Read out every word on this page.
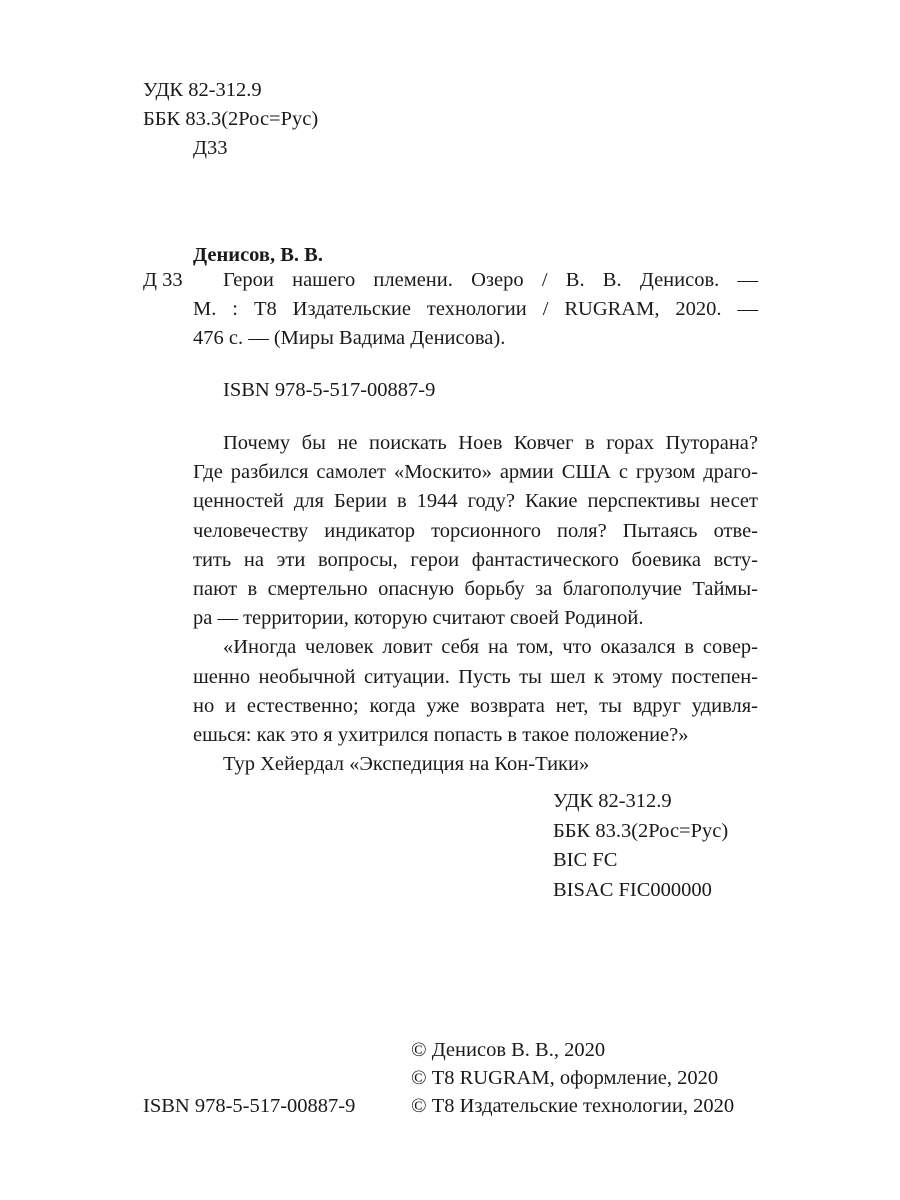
УДК 82-312.9
ББК 83.3(2Рос=Рус)
Д33
Денисов, В. В.
Д 33	Герои нашего племени. Озеро / В. В. Денисов. —
М. : Т8 Издательские технологии / RUGRAM, 2020. —
476 с. — (Миры Вадима Денисова).
ISBN 978-5-517-00887-9
Почему бы не поискать Ноев Ковчег в горах Путорана?
Где разбился самолет «Москито» армии США с грузом драго-
ценностей для Берии в 1944 году? Какие перспективы несет
человечеству индикатор торсионного поля? Пытаясь отве-
тить на эти вопросы, герои фантастического боевика всту-
пают в смертельно опасную борьбу за благополучие Таймы-
ра — территории, которую считают своей Родиной.
«Иногда человек ловит себя на том, что оказался в совер-
шенно необычной ситуации. Пусть ты шел к этому постепен-
но и естественно; когда уже возврата нет, ты вдруг удивля-
ешься: как это я ухитрился попасть в такое положение?»
Тур Хейердал «Экспедиция на Кон-Тики»
УДК 82-312.9
ББК 83.3(2Рос=Рус)
BIC FC
BISAC FIC000000
© Денисов В. В., 2020
© Т8 RUGRAM, оформление, 2020
© Т8 Издательские технологии, 2020
ISBN 978-5-517-00887-9
